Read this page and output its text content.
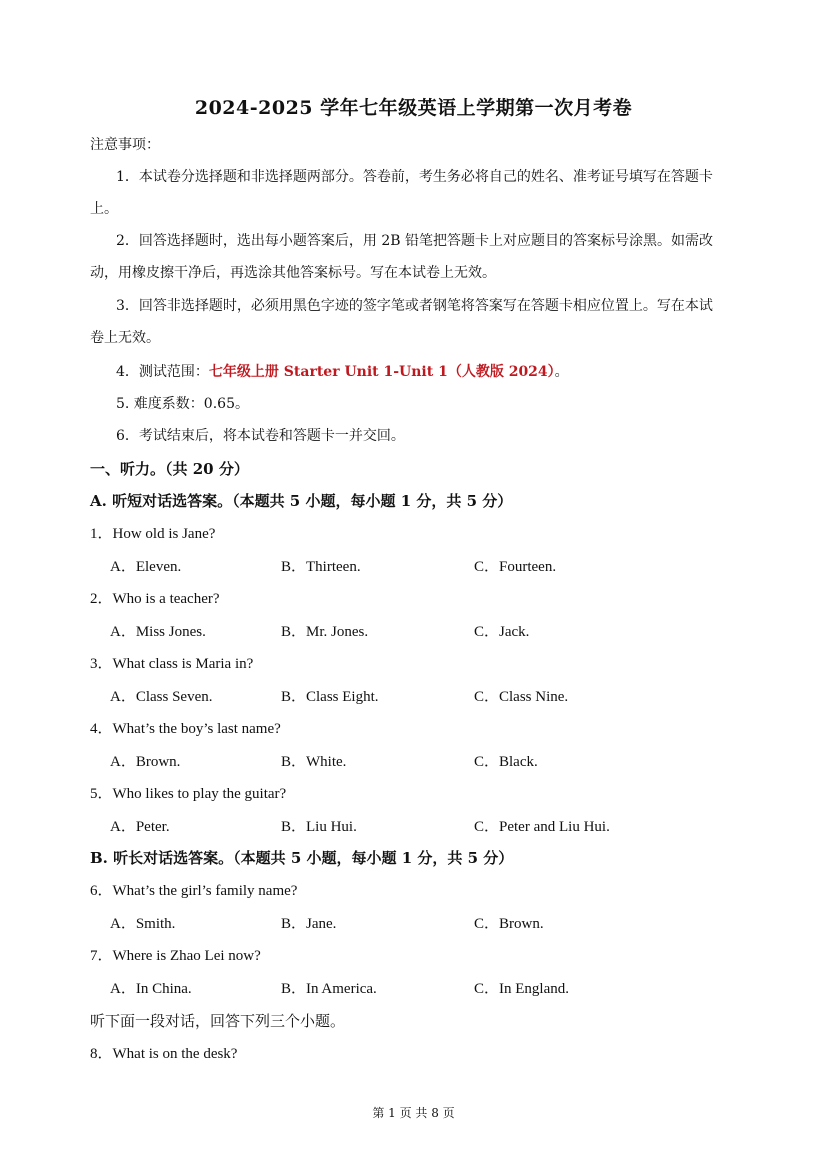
2024-2025 学年七年级英语上学期第一次月考卷
注意事项：
1．本试卷分选择题和非选择题两部分。答卷前，考生务必将自己的姓名、准考证号填写在答题卡
上。
2．回答选择题时，选出每小题答案后，用 2B 铅笔把答题卡上对应题目的答案标号涂黑。如需改
动，用橡皮擦干净后，再选涂其他答案标号。写在本试卷上无效。
3．回答非选择题时，必须用黑色字迹的签字笔或者钢笔将答案写在答题卡相应位置上。写在本试
卷上无效。
4．测试范围：七年级上册 Starter Unit 1-Unit 1（人教版 2024）。
5. 难度系数：0.65。
6．考试结束后，将本试卷和答题卡一并交回。
一、听力。（共 20 分）
A. 听短对话选答案。（本题共 5 小题，每小题 1 分，共 5 分）
1．How old is Jane?
A．Eleven.	B．Thirteen.	C．Fourteen.
2．Who is a teacher?
A．Miss Jones.	B．Mr. Jones.	C．Jack.
3．What class is Maria in?
A．Class Seven.	B．Class Eight.	C．Class Nine.
4．What’s the boy’s last name?
A．Brown.	B．White.	C．Black.
5．Who likes to play the guitar?
A．Peter.	B．Liu Hui.	C．Peter and Liu Hui.
B. 听长对话选答案。（本题共 5 小题，每小题 1 分，共 5 分）
6．What’s the girl’s family name?
A．Smith.	B．Jane.	C．Brown.
7．Where is Zhao Lei now?
A．In China.	B．In America.	C．In England.
听下面一段对话，回答下列三个小题。
8．What is on the desk?
第 1 页 共 8 页
